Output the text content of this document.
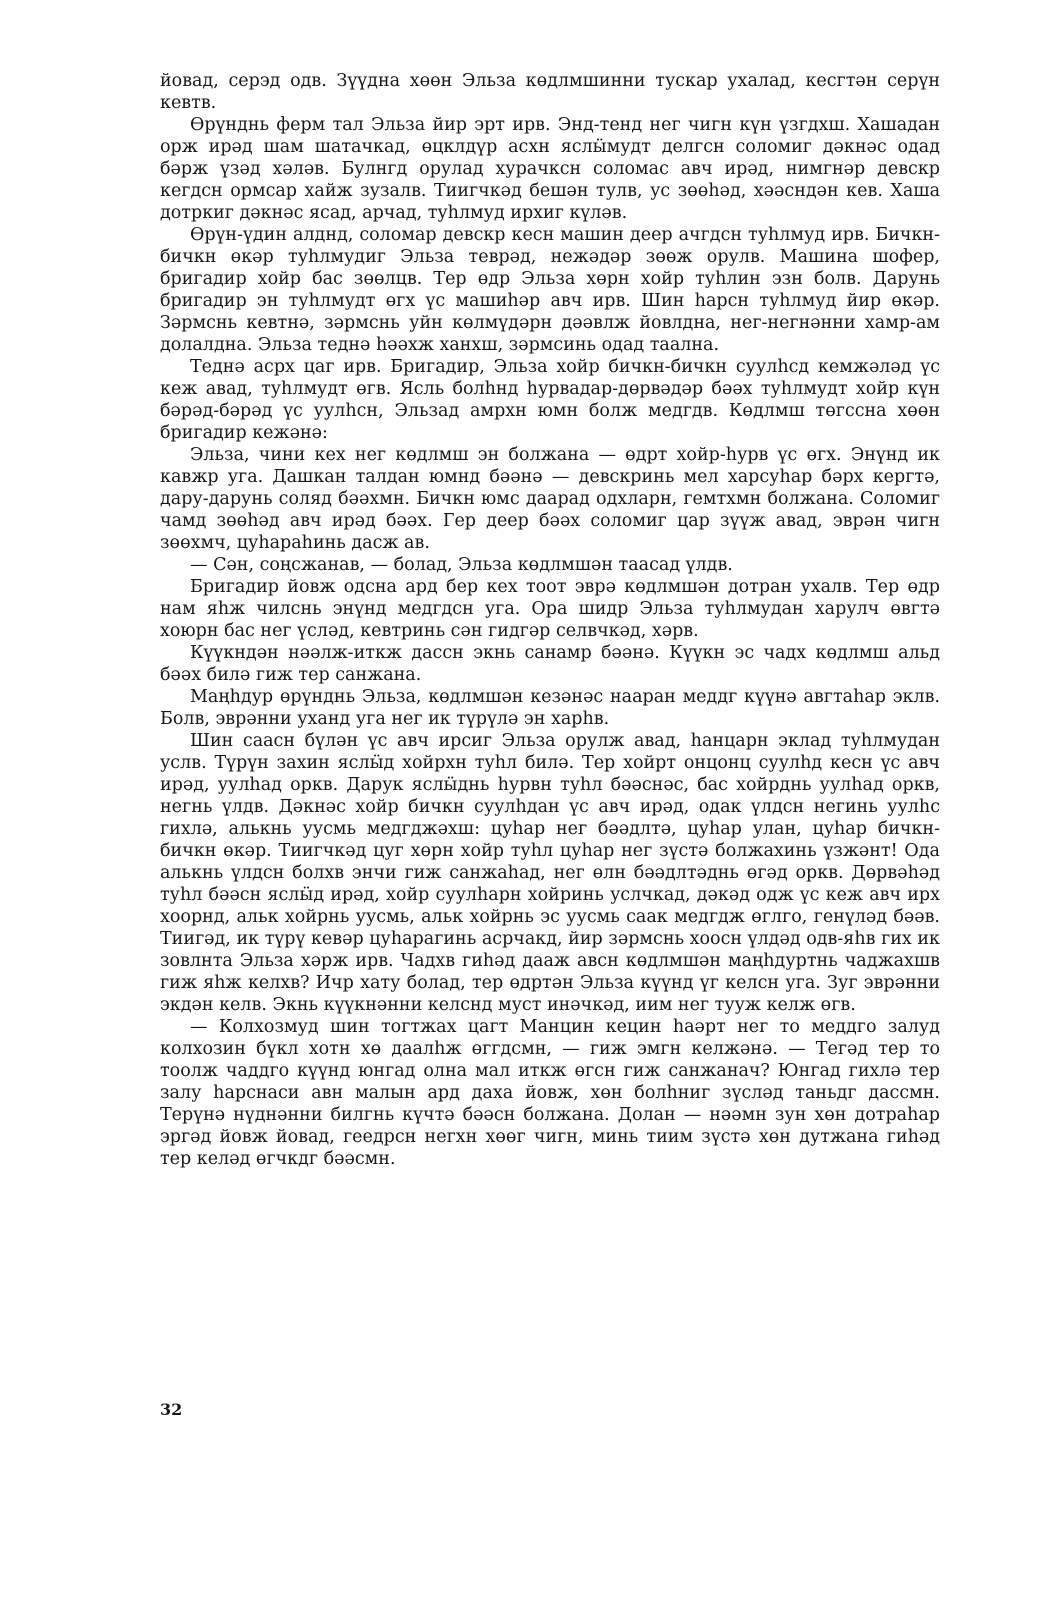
йовад, серэд одв. Зүүдна хөөн Эльза көдлмшинни тускар ухалад, кесгтән серүн кевтв.

Өрүнднь ферм тал Эльза йир эрт ирв. Энд-тенд нег чигн күн үзгдхш. Хашадан орж ирәд шам шатачкад, өцклдүр асхн яслӹмудт делгсн соломиг дәкнәс одад бәрж үзәд хәләв. Булнгд орулад хурачксн соломас авч ирәд, нимгнәр девскр кегдсн ормсар хайж зузалв. Тиигчкәд бешән тулв, ус зөөһәд, хәәсндән кев. Хаша дотркиг дәкнәс ясад, арчад, туһлмуд ирхиг күләв.

Өрүн-үдин алднд, соломар девскр кесн машин деер ачгдсн туһлмуд ирв. Бичкн-бичкн өкәр туһлмудиг Эльза теврәд, нежәдәр зөөж орулв. Машина шофер, бригадир хойр бас зөөлцв. Тер өдр Эльза хөрн хойр туһлин эзн болв. Дарунь бригадир эн туһлмудт өгх үс машиһәр авч ирв. Шин һарсн туһлмуд йир өкәр. Зәрмснь кевтнә, зәрмснь уйн көлмүдәрн дәәвлж йовлдна, нег-негнәнни хамр-ам долалдна. Эльза теднә һәәхж ханхш, зәрмсинь одад таална.

Теднә асрх цаг ирв. Бригадир, Эльза хойр бичкн-бичкн суулһсд кемжәләд үс кеж авад, туһлмудт өгв. Ясль болһнд һурвадар-дөрвәдәр бәәх туһлмудт хойр күн бәрәд-бәрәд үс уулһсн, Эльзад амрхн юмн болж медгдв. Көдлмш төгссна хөөн бригадир кежәнә:

Эльза, чини кех нег көдлмш эн болжана — өдрт хойр-һурв үс өгх. Энүнд ик кавжр уга. Дашкан талдан юмнд бәәнә — девскринь мел харсуһар бәрх кергтә, дару-дарунь соляд бәәхмн. Бичкн юмс даарад одхларн, гемтхмн болжана. Соломиг чамд зөөһәд авч ирәд бәәх. Гер деер бәәх соломиг цар зүүж авад, эврән чигн зөөхмч, цуһараһинь дасж ав.

— Сән, соңсжанав, — болад, Эльза көдлмшән таасад үлдв.

Бригадир йовж одсна ард бер кех тоот эврә көдлмшән дотран ухалв. Тер өдр нам яһж чилснь энүнд медгдсн уга. Ора шидр Эльза туһлмудан харулч өвгтә хоюрн бас нег үсләд, кевтринь сән гидгәр селвчкәд, хәрв.

Күүкндән нәәлж-иткж дассн экнь санамр бәәнә. Күүкн эс чадх көдлмш альд бәәх билә гиж тер санжана.

Маңһдур өрүнднь Эльза, көдлмшән кезәнәс нааран меддг күүнә авгтаһар эклв. Болв, эврәнни уханд уга нег ик түрүлә эн харһв.

Шин саасн бүлән үс авч ирсиг Эльза орулж авад, һанцарн эклад туһлмудан услв. Түрүн захин яслӹд хойрхн туһл билә. Тер хойрт онцонц суулһд кесн үс авч ирәд, уулһад оркв. Дарук яслӹднь һурвн туһл бәәснәс, бас хойрднь уулһад оркв, негнь үлдв. Дәкнәс хойр бичкн суулһдан үс авч ирәд, одак үлдсн негинь уулһс гихлә, алькнь уусмь медгджәхш: цуһар нег бәәдлтә, цуһар улан, цуһар бичкн-бичкн өкәр. Тиигчкәд цуг хөрн хойр туһл цуһар нег зүстә болжахинь үзжәнт! Ода алькнь үлдсн болхв энчи гиж санжаһад, нег өлн бәәдлтәднь өгәд оркв. Дөрвәһәд туһл бәәсн яслӹд ирәд, хойр суулһарн хойринь услчкад, дәкәд одж үс кеж авч ирх хоорнд, альк хойрнь уусмь, альк хойрнь эс уусмь саак медгдж өглго, генүләд бәәв. Тиигәд, ик түрү кевәр цуһарагинь асрчакд, йир зәрмснь хоосн үлдәд одв-яһв гих ик зовлнта Эльза хәрж ирв. Чадхв гиһәд дааж авсн көдлмшән маңһдуртнь чаджахшв гиж яһж келхв? Ичр хату болад, тер өдртән Эльза күүнд үг келсн уга. Зуг эврәнни экдән келв. Экнь күүкнәнни келснд муст инәчкәд, иим нег тууж келж өгв.

— Колхозмуд шин тогтжах цагт Манцин кецин һаәрт нег то меддго залуд колхозин бүкл хотн хө даалһж өггдсмн, — гиж эмгн келжәнә. — Тегәд тер то тоолж чаддго күүнд юнгад олна мал иткж өгсн гиж санжанач? Юнгад гихлә тер залу һарснаси авн малын ард даха йовж, хөн болһниг зүсләд таньдг дассмн. Терүнә нүднәнни билгнь күчтә бәәсн болжана. Долан — нәәмн зун хөн дотраһар эргәд йовж йовад, геедрсн негхн хөөг чигн, минь тиим зүстә хөн дутжана гиһәд тер келәд өгчкдг бәәсмн.

32
